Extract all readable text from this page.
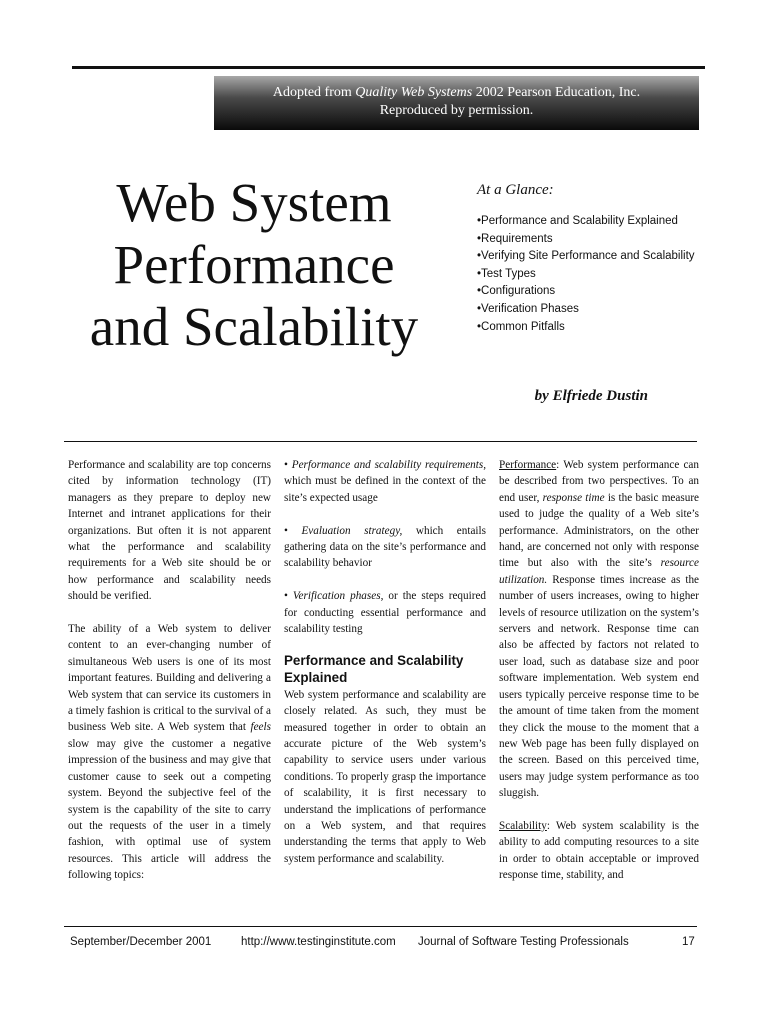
Adopted from Quality Web Systems 2002 Pearson Education, Inc.
Reproduced by permission.
Web System
Performance
and Scalability
At a Glance:
• Performance and Scalability Explained
• Requirements
• Verifying Site Performance and Scalability
• Test Types
• Configurations
• Verification Phases
• Common Pitfalls
by Elfriede Dustin

Performance and scalability are top concerns cited by information technology (IT) managers as they prepare to deploy new Internet and intranet applications for their organizations. But often it is not apparent what the performance and scalability requirements for a Web site should be or how performance and scalability needs should be verified.

The ability of a Web system to deliver content to an ever-changing number of simultaneous Web users is one of its most important features. Building and delivering a Web system that can service its customers in a timely fashion is critical to the survival of a business Web site. A Web system that feels slow may give the customer a negative impression of the business and may give that customer cause to seek out a competing system. Beyond the subjective feel of the system is the capability of the site to carry out the requests of the user in a timely fashion, with optimal use of system resources. This article will address the following topics:

• Performance and scalability requirements, which must be defined in the context of the site’s expected usage

• Evaluation strategy, which entails gathering data on the site’s performance and scalability behavior

• Verification phases, or the steps required for conducting essential performance and scalability testing

Performance and Scalability Explained

Web system performance and scalability are closely related. As such, they must be measured together in order to obtain an accurate picture of the Web system’s capability to service users under various conditions. To properly grasp the importance of scalability, it is first necessary to understand the implications of performance on a Web system, and that requires understanding the terms that apply to Web system performance and scalability.

Performance: Web system performance can be described from two perspectives. To an end user, response time is the basic measure used to judge the quality of a Web site’s performance. Administrators, on the other hand, are concerned not only with response time but also with the site’s resource utilization. Response times increase as the number of users increases, owing to higher levels of resource utilization on the system’s servers and network. Response time can also be affected by factors not related to user load, such as database size and poor software implementation. Web system end users typically perceive response time to be the amount of time taken from the moment they click the mouse to the moment that a new Web page has been fully displayed on the screen. Based on this perceived time, users may judge system performance as too sluggish.

Scalability: Web system scalability is the ability to add computing resources to a site in order to obtain acceptable or improved response time, stability, and

September/December 2001	http://www.testinginstitute.com Journal of Software Testing Professionals	17
